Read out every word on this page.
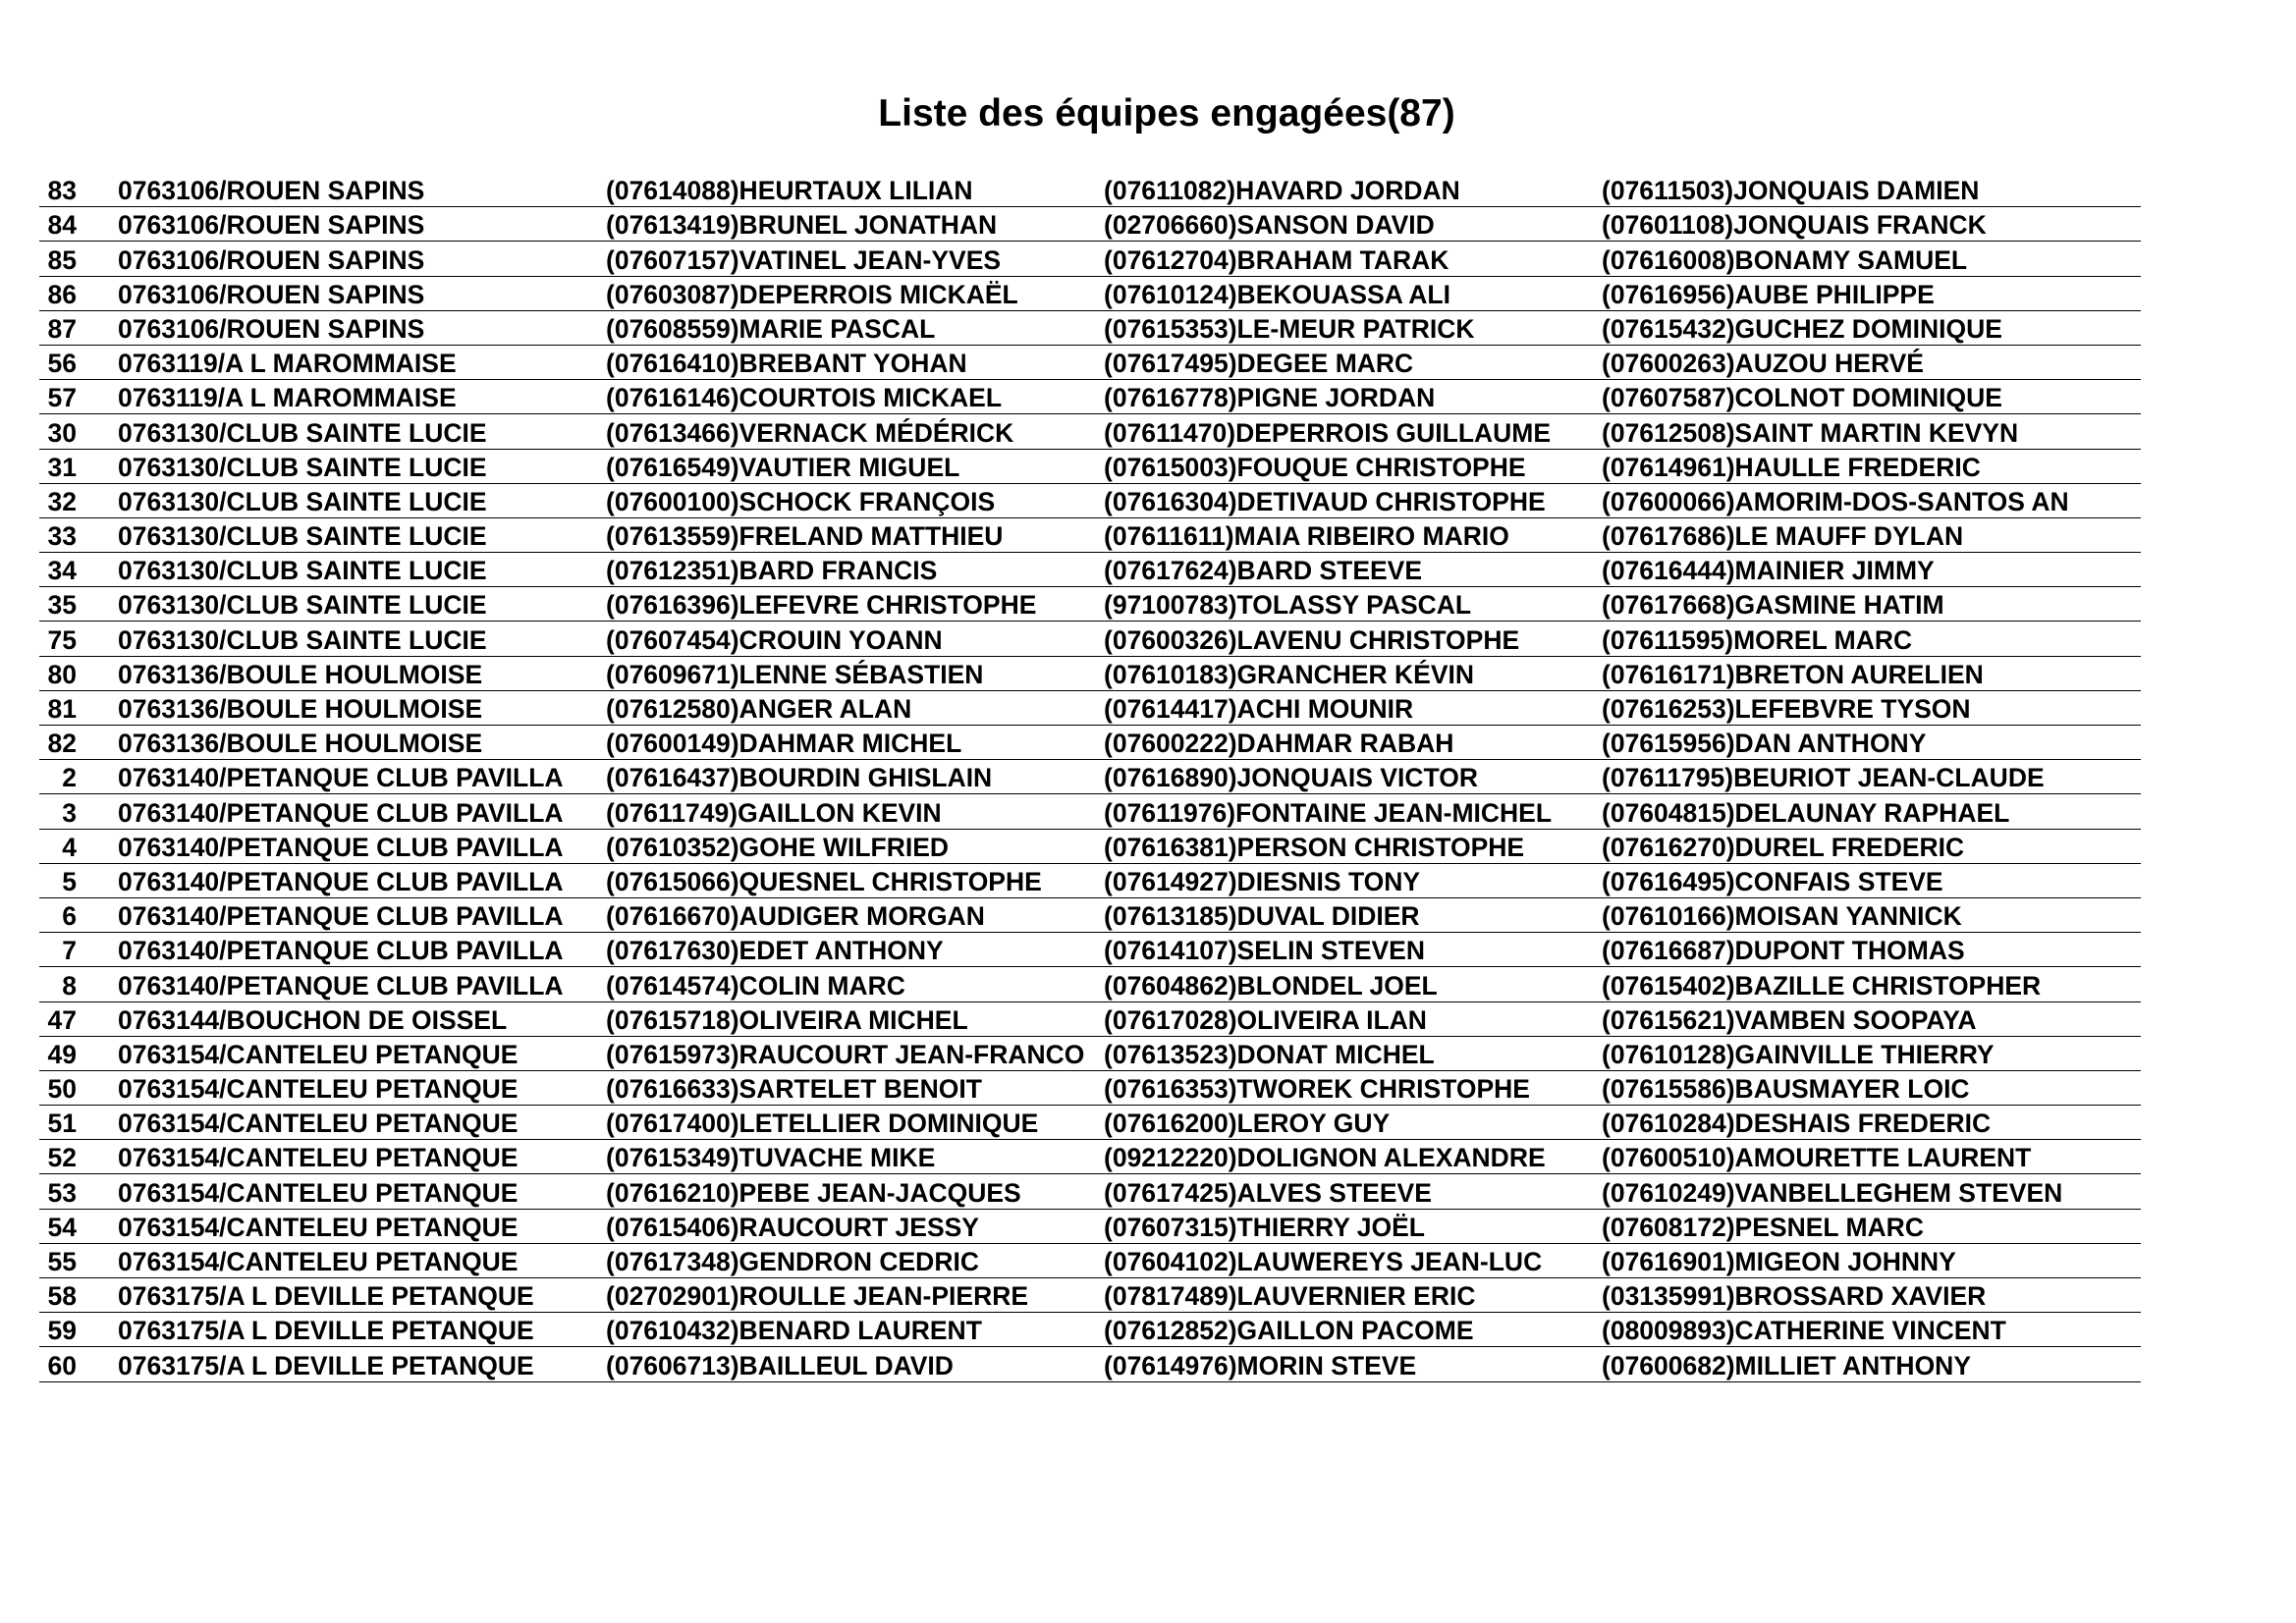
Liste des équipes engagées(87)
83 0763106/ROUEN SAPINS	(07614088)HEURTAUX LILIAN	(07611082)HAVARD JORDAN	(07611503)JONQUAIS DAMIEN
84 0763106/ROUEN SAPINS	(07613419)BRUNEL JONATHAN	(02706660)SANSON DAVID	(07601108)JONQUAIS FRANCK
85 0763106/ROUEN SAPINS	(07607157)VATINEL JEAN-YVES	(07612704)BRAHAM TARAK	(07616008)BONAMY SAMUEL
86 0763106/ROUEN SAPINS	(07603087)DEPERROIS MICKAËL	(07610124)BEKOUASSA ALI	(07616956)AUBE PHILIPPE
87 0763106/ROUEN SAPINS	(07608559)MARIE PASCAL	(07615353)LE-MEUR PATRICK	(07615432)GUCHEZ DOMINIQUE
56 0763119/A L MAROMMAISE	(07616410)BREBANT YOHAN	(07617495)DEGEE MARC	(07600263)AUZOU HERVÉ
57 0763119/A L MAROMMAISE	(07616146)COURTOIS MICKAEL	(07616778)PIGNE JORDAN	(07607587)COLNOT DOMINIQUE
30 0763130/CLUB SAINTE LUCIE	(07613466)VERNACK MÉDÉRICK	(07611470)DEPERROIS GUILLAUME	(07612508)SAINT MARTIN KEVYN
31 0763130/CLUB SAINTE LUCIE	(07616549)VAUTIER MIGUEL	(07615003)FOUQUE CHRISTOPHE	(07614961)HAULLE FREDERIC
32 0763130/CLUB SAINTE LUCIE	(07600100)SCHOCK FRANÇOIS	(07616304)DETIVAUD CHRISTOPHE	(07600066)AMORIM-DOS-SANTOS AN
33 0763130/CLUB SAINTE LUCIE	(07613559)FRELAND MATTHIEU	(07611611)MAIA RIBEIRO MARIO	(07617686)LE MAUFF DYLAN
34 0763130/CLUB SAINTE LUCIE	(07612351)BARD FRANCIS	(07617624)BARD STEEVE	(07616444)MAINIER JIMMY
35 0763130/CLUB SAINTE LUCIE	(07616396)LEFEVRE CHRISTOPHE	(97100783)TOLASSY PASCAL	(07617668)GASMINE HATIM
75 0763130/CLUB SAINTE LUCIE	(07607454)CROUIN YOANN	(07600326)LAVENU CHRISTOPHE	(07611595)MOREL MARC
80 0763136/BOULE HOULMOISE	(07609671)LENNE SÉBASTIEN	(07610183)GRANCHER KÉVIN	(07616171)BRETON AURELIEN
81 0763136/BOULE HOULMOISE	(07612580)ANGER ALAN	(07614417)ACHI MOUNIR	(07616253)LEFEBVRE TYSON
82 0763136/BOULE HOULMOISE	(07600149)DAHMAR MICHEL	(07600222)DAHMAR RABAH	(07615956)DAN ANTHONY
2 0763140/PETANQUE CLUB PAVILLA	(07616437)BOURDIN GHISLAIN	(07616890)JONQUAIS VICTOR	(07611795)BEURIOT JEAN-CLAUDE
3 0763140/PETANQUE CLUB PAVILLA	(07611749)GAILLON KEVIN	(07611976)FONTAINE JEAN-MICHEL	(07604815)DELAUNAY RAPHAEL
4 0763140/PETANQUE CLUB PAVILLA	(07610352)GOHE WILFRIED	(07616381)PERSON CHRISTOPHE	(07616270)DUREL FREDERIC
5 0763140/PETANQUE CLUB PAVILLA	(07615066)QUESNEL CHRISTOPHE	(07614927)DIESNIS TONY	(07616495)CONFAIS STEVE
6 0763140/PETANQUE CLUB PAVILLA	(07616670)AUDIGER MORGAN	(07613185)DUVAL DIDIER	(07610166)MOISAN YANNICK
7 0763140/PETANQUE CLUB PAVILLA	(07617630)EDET ANTHONY	(07614107)SELIN STEVEN	(07616687)DUPONT THOMAS
8 0763140/PETANQUE CLUB PAVILLA	(07614574)COLIN MARC	(07604862)BLONDEL JOEL	(07615402)BAZILLE CHRISTOPHER
47 0763144/BOUCHON DE OISSEL	(07615718)OLIVEIRA MICHEL	(07617028)OLIVEIRA ILAN	(07615621)VAMBEN SOOPAYA
49 0763154/CANTELEU PETANQUE	(07615973)RAUCOURT JEAN-FRANCO (07613523)DONAT MICHEL	(07610128)GAINVILLE THIERRY
50 0763154/CANTELEU PETANQUE	(07616633)SARTELET BENOIT	(07616353)TWOREK CHRISTOPHE	(07615586)BAUSMAYER LOIC
51 0763154/CANTELEU PETANQUE	(07617400)LETELLIER DOMINIQUE	(07616200)LEROY GUY	(07610284)DESHAIS FREDERIC
52 0763154/CANTELEU PETANQUE	(07615349)TUVACHE MIKE	(09212220)DOLIGNON ALEXANDRE	(07600510)AMOURETTE LAURENT
53 0763154/CANTELEU PETANQUE	(07616210)PEBE JEAN-JACQUES	(07617425)ALVES STEEVE	(07610249)VANBELLEGHEM STEVEN
54 0763154/CANTELEU PETANQUE	(07615406)RAUCOURT JESSY	(07607315)THIERRY JOËL	(07608172)PESNEL MARC
55 0763154/CANTELEU PETANQUE	(07617348)GENDRON CEDRIC	(07604102)LAUWEREYS JEAN-LUC	(07616901)MIGEON JOHNNY
58 0763175/A L DEVILLE PETANQUE	(02702901)ROULLE JEAN-PIERRE	(07817489)LAUVERNIER ERIC	(03135991)BROSSARD XAVIER
59 0763175/A L DEVILLE PETANQUE	(07610432)BENARD LAURENT	(07612852)GAILLON PACOME	(08009893)CATHERINE VINCENT
60 0763175/A L DEVILLE PETANQUE	(07606713)BAILLEUL DAVID	(07614976)MORIN STEVE	(07600682)MILLIET ANTHONY
